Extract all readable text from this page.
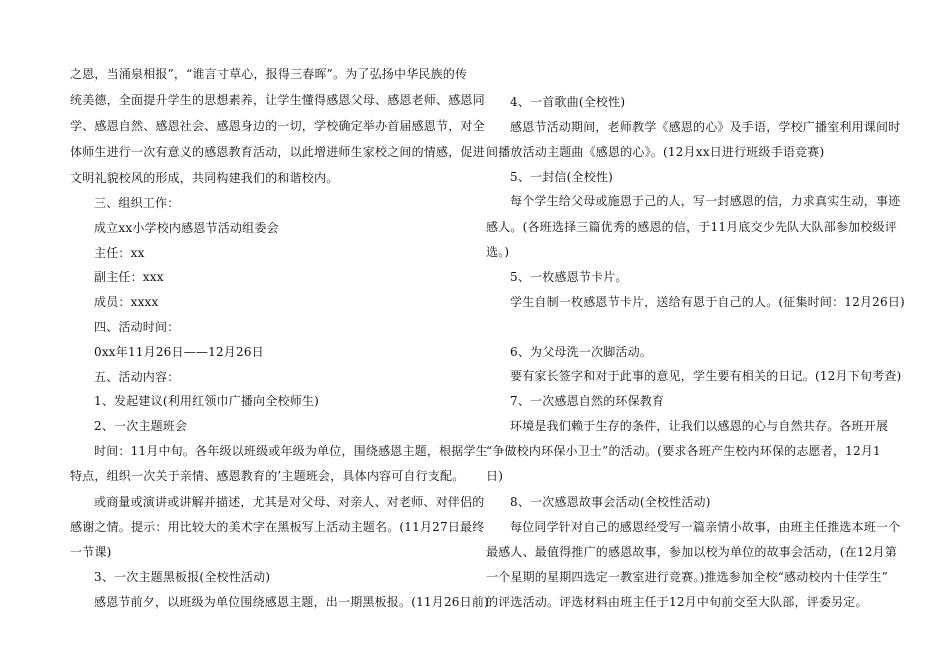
之恩，当涌泉相报”，“谁言寸草心，报得三春晖”。为了弘扬中华民族的传
统美德，全面提升学生的思想素养，让学生懂得感恩父母、感恩老师、感恩同
学、感恩自然、感恩社会、感恩身边的一切，学校确定举办首届感恩节，对全
体师生进行一次有意义的感恩教育活动，以此增进师生家校之间的情感，促进
文明礼貌校风的形成，共同构建我们的和谐校内。
三、组织工作：
成立xx小学校内感恩节活动组委会
主任：xx
副主任：xxx
成员：xxxx
四、活动时间：
0xx年11月26日——12月26日
五、活动内容：
1、发起建议(利用红领巾广播向全校师生)
2、一次主题班会
时间：11月中旬。各年级以班级或年级为单位，围绕感恩主题，根据学生
特点，组织一次关于亲情、感恩教育的’主题班会，具体内容可自行支配。
或商量或演讲或讲解并描述，尤其是对父母、对亲人、对老师、对伴侣的
感谢之情。提示：用比较大的美术字在黑板写上活动主题名。(11月27日最终
一节课)
3、一次主题黑板报(全校性活动)
感恩节前夕，以班级为单位围绕感恩主题，出一期黑板报。(11月26日前)
4、一首歌曲(全校性)
感恩节活动期间，老师教学《感恩的心》及手语，学校广播室利用课间时
间播放活动主题曲《感恩的心》。(12月xx日进行班级手语竞赛)
5、一封信(全校性)
每个学生给父母或施恩于己的人，写一封感恩的信，力求真实生动，事迹
感人。(各班选择三篇优秀的感恩的信，于11月底交少先队大队部参加校级评
选。)
5、一枚感恩节卡片。
学生自制一枚感恩节卡片，送给有恩于自己的人。(征集时间：12月26日)
6、为父母洗一次脚活动。
要有家长签字和对于此事的意见，学生要有相关的日记。(12月下旬考查)
7、一次感恩自然的环保教育
环境是我们赖于生存的条件，让我们以感恩的心与自然共存。各班开展
“争做校内环保小卫士”的活动。(要求各班产生校内环保的志愿者，12月1
日)
8、一次感恩故事会活动(全校性活动)
每位同学针对自己的感恩经受写一篇亲情小故事，由班主任推选本班一个
最感人、最值得推广的感恩故事，参加以校为单位的故事会活动，(在12月第
一个星期的星期四选定一教室进行竞赛。)推选参加全校“感动校内十佳学生”
的评选活动。评选材料由班主任于12月中旬前交至大队部，评委另定。
